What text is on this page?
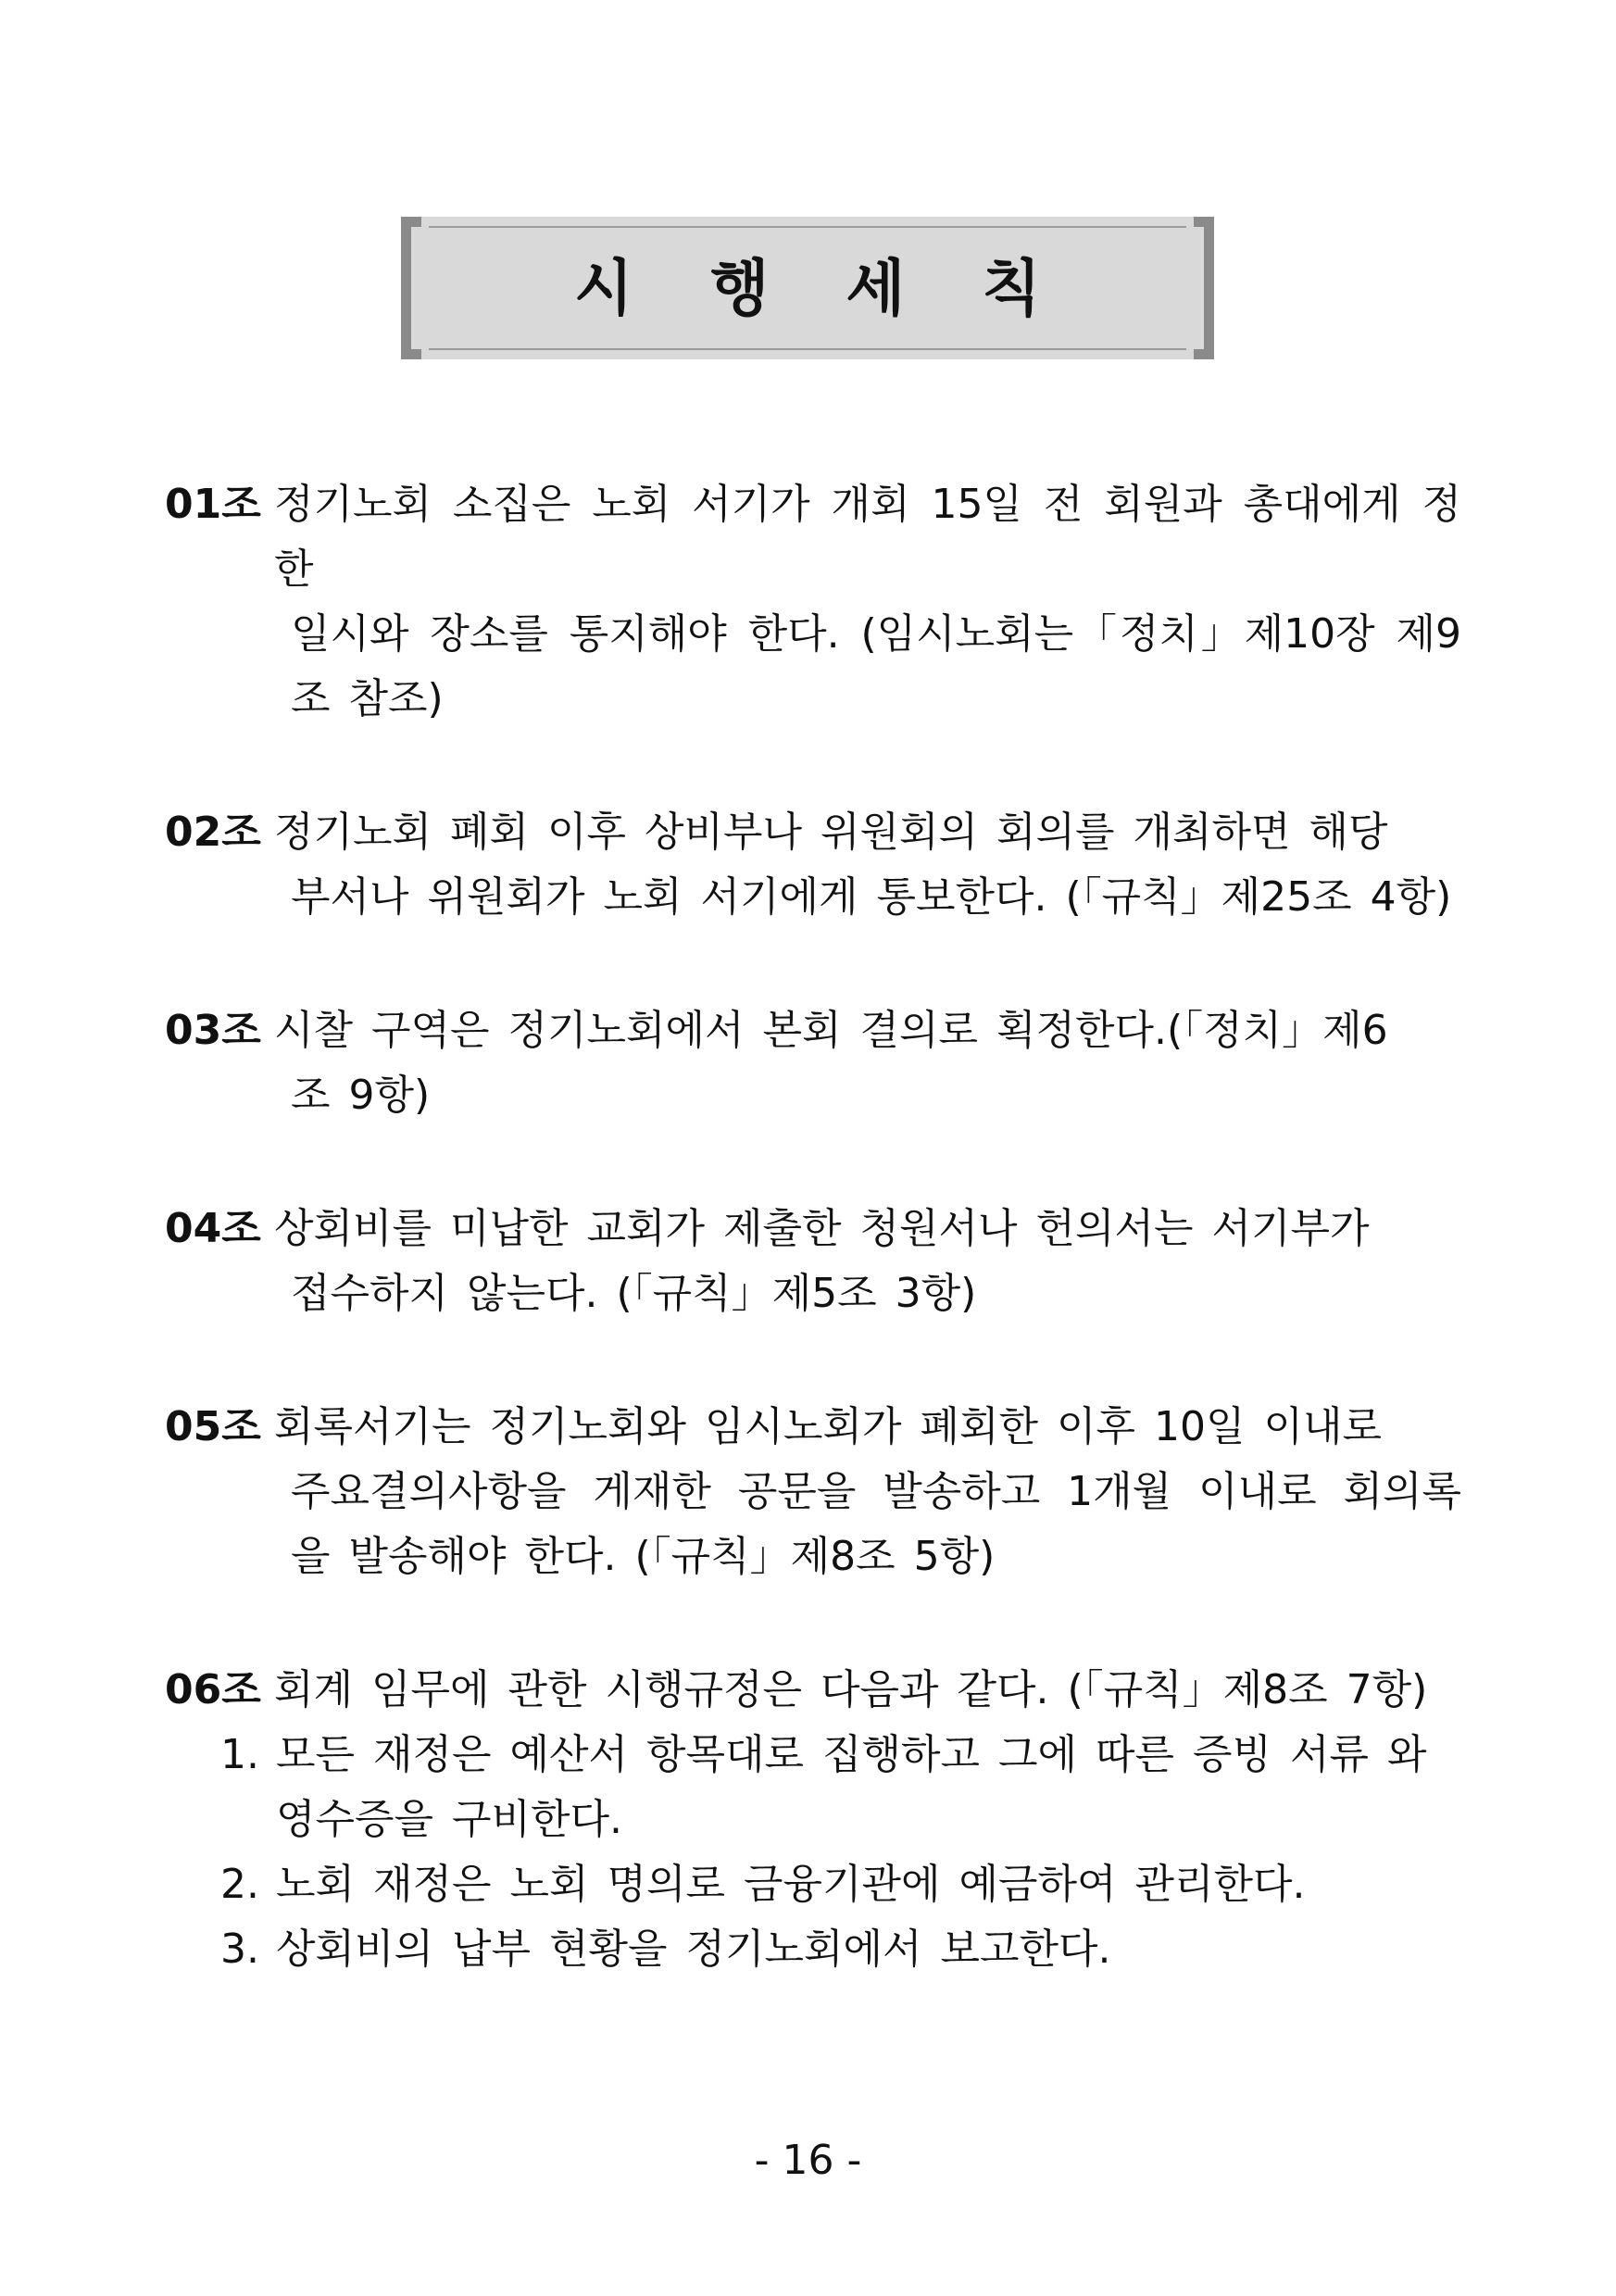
시 행 세 칙
01조 정기노회 소집은 노회 서기가 개회 15일 전 회원과 총대에게 정한
일시와 장소를 통지해야 한다. (임시노회는「정치」제10장 제9 조 참조)
02조 정기노회 폐회 이후 상비부나 위원회의 회의를 개최하면 해당
부서나 위원회가 노회 서기에게 통보한다. (「규칙」제25조 4항)
03조 시찰 구역은 정기노회에서 본회 결의로 획정한다.(「정치」제6
조 9항)
04조 상회비를 미납한 교회가 제출한 청원서나 헌의서는 서기부가
접수하지 않는다. (「규칙」제5조 3항)
05조 회록서기는 정기노회와 임시노회가 폐회한 이후 10일 이내로
주요결의사항을 게재한 공문을 발송하고 1개월 이내로 회의록 을 발송해야 한다. (「규칙」제8조 5항)
06조 회계 임무에 관한 시행규정은 다음과 같다. (「규칙」제8조 7항)
1. 모든 재정은 예산서 항목대로 집행하고 그에 따른 증빙 서류 와 영수증을 구비한다.
2. 노회 재정은 노회 명의로 금융기관에 예금하여 관리한다.
3. 상회비의 납부 현황을 정기노회에서 보고한다.
- 16 -
